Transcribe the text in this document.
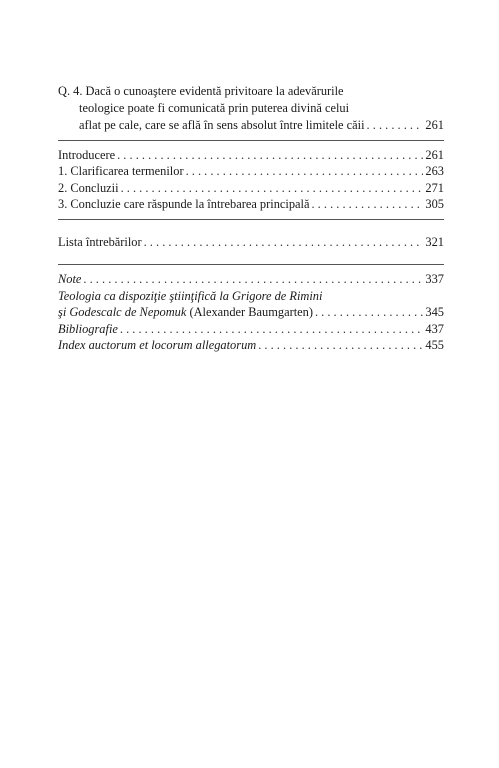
Q. 4. Dacă o cunoaştere evidentă privitoare la adevărurile
teologice poate fi comunicată prin puterea divină celui
aflat pe cale, care se află în sens absolut între limitele căii . . .	261
Introducere . . .	261
1. Clarificarea termenilor . . .	263
2. Concluzii . . .	271
3. Concluzie care răspunde la întrebarea principală . . .	305
Lista întrebărilor . . .	321
Note . . .	337
Teologia ca dispoziţie ştiinţifică la Grigore de Rimini
şi Godescalc de Nepomuk (Alexander Baumgarten) . . .	345
Bibliografie . . .	437
Index auctorum et locorum allegatorum . . .	455
